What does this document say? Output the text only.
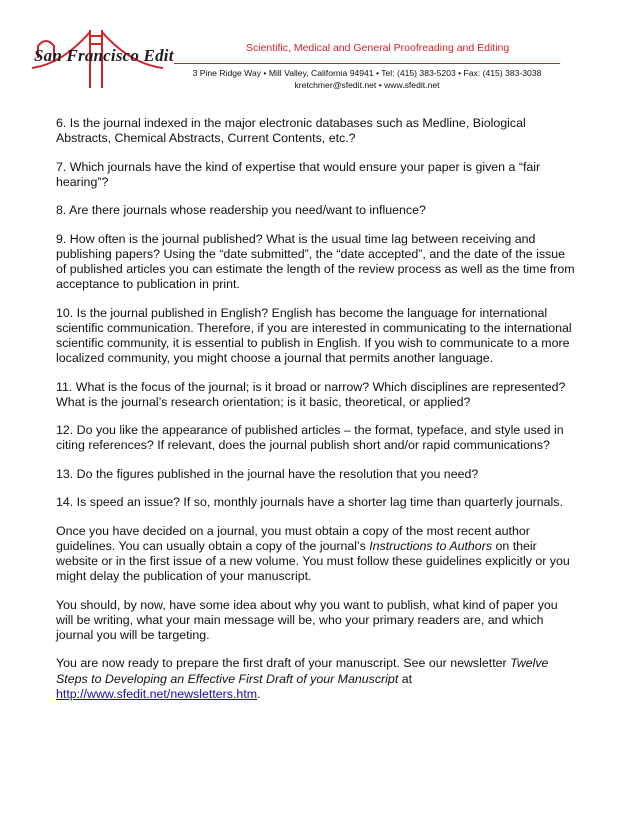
San Francisco Edit	Scientific, Medical and General Proofreading and Editing
3 Pine Ridge Way • Mill Valley, California 94941 • Tel: (415) 383-5203 • Fax: (415) 383-3038
kretchmer@sfedit.net • www.sfedit.net

6. Is the journal indexed in the major electronic databases such as Medline, Biological Abstracts, Chemical Abstracts, Current Contents, etc.?

7. Which journals have the kind of expertise that would ensure your paper is given a “fair hearing”?

8. Are there journals whose readership you need/want to influence?

9. How often is the journal published? What is the usual time lag between receiving and publishing papers? Using the “date submitted”, the “date accepted”, and the date of the issue of published articles you can estimate the length of the review process as well as the time from acceptance to publication in print.

10. Is the journal published in English? English has become the language for international scientific communication. Therefore, if you are interested in communicating to the international scientific community, it is essential to publish in English. If you wish to communicate to a more localized community, you might choose a journal that permits another language.

11. What is the focus of the journal; is it broad or narrow? Which disciplines are represented? What is the journal’s research orientation; is it basic, theoretical, or applied?

12. Do you like the appearance of published articles – the format, typeface, and style used in citing references? If relevant, does the journal publish short and/or rapid communications?

13. Do the figures published in the journal have the resolution that you need?

14. Is speed an issue? If so, monthly journals have a shorter lag time than quarterly journals.

Once you have decided on a journal, you must obtain a copy of the most recent author guidelines. You can usually obtain a copy of the journal’s Instructions to Authors on their website or in the first issue of a new volume. You must follow these guidelines explicitly or you might delay the publication of your manuscript.

You should, by now, have some idea about why you want to publish, what kind of paper you will be writing, what your main message will be, who your primary readers are, and which journal you will be targeting.

You are now ready to prepare the first draft of your manuscript. See our newsletter Twelve Steps to Developing an Effective First Draft of your Manuscript at
http://www.sfedit.net/newsletters.htm.
